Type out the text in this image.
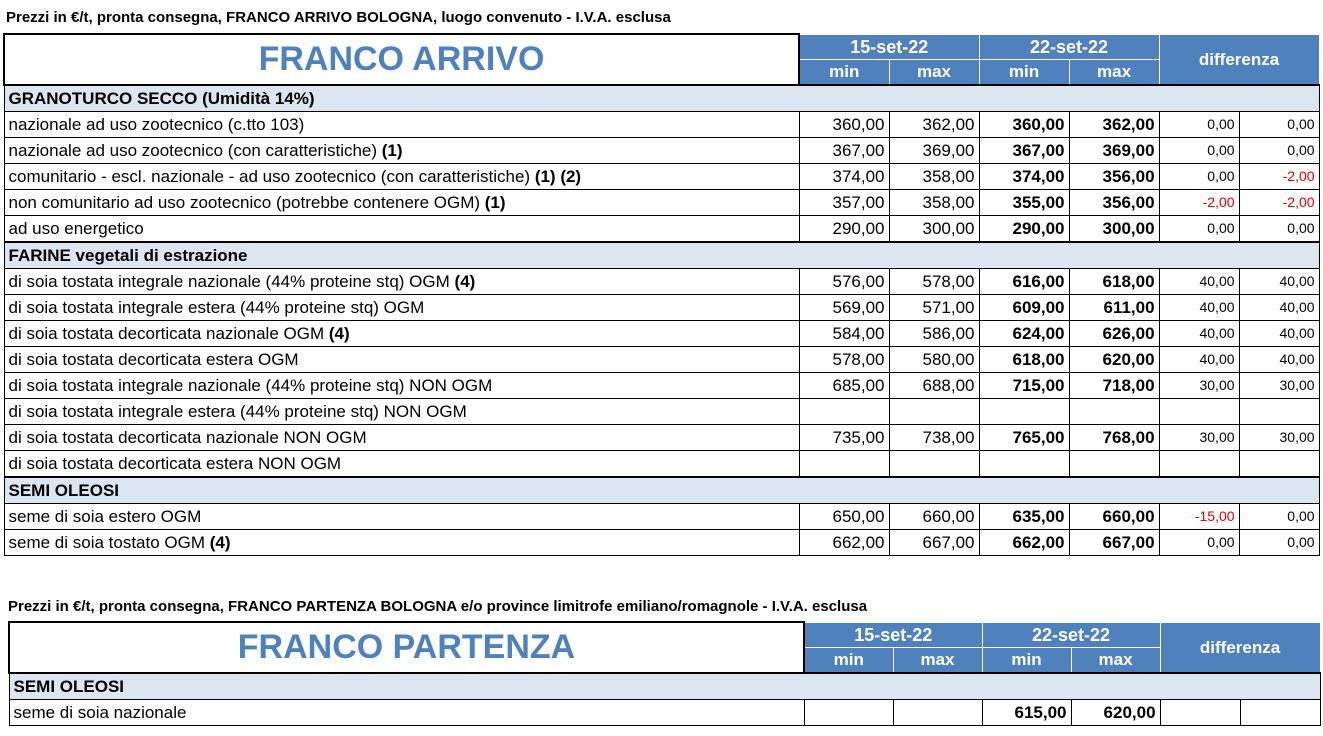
Prezzi in €/t, pronta consegna, FRANCO ARRIVO BOLOGNA, luogo convenuto - I.V.A. esclusa
FRANCO ARRIVO	15-set-22		22-set-22		differenza	
	min	max	min	max		
GRANOTURCO SECCO (Umidità 14%)						
nazionale ad uso zootecnico (c.tto 103)	360,00	362,00	360,00	362,00	0,00	0,00
nazionale ad uso zootecnico (con caratteristiche) (1)	367,00	369,00	367,00	369,00	0,00	0,00
comunitario - escl. nazionale - ad uso zootecnico (con caratteristiche) (1) (2)	374,00	358,00	374,00	356,00	0,00	-2,00
non comunitario ad uso zootecnico (potrebbe contenere OGM) (1)	357,00	358,00	355,00	356,00	-2,00	-2,00
ad uso energetico	290,00	300,00	290,00	300,00	0,00	0,00
FARINE vegetali di estrazione						
di soia tostata integrale nazionale (44% proteine stq) OGM (4)	576,00	578,00	616,00	618,00	40,00	40,00
di soia tostata integrale estera (44% proteine stq) OGM	569,00	571,00	609,00	611,00	40,00	40,00
di soia tostata decorticata nazionale OGM (4)	584,00	586,00	624,00	626,00	40,00	40,00
di soia tostata decorticata estera OGM	578,00	580,00	618,00	620,00	40,00	40,00
di soia tostata integrale nazionale (44% proteine stq) NON OGM	685,00	688,00	715,00	718,00	30,00	30,00
di soia tostata integrale estera (44% proteine stq) NON OGM						
di soia tostata decorticata nazionale NON OGM	735,00	738,00	765,00	768,00	30,00	30,00
di soia tostata decorticata estera NON OGM						
SEMI OLEOSI						
seme di soia estero OGM	650,00	660,00	635,00	660,00	-15,00	0,00
seme di soia tostato OGM (4)	662,00	667,00	662,00	667,00	0,00	0,00
Prezzi in €/t, pronta consegna, FRANCO PARTENZA BOLOGNA e/o province limitrofe emiliano/romagnole - I.V.A. esclusa
FRANCO PARTENZA	15-set-22		22-set-22		differenza	
	min	max	min	max		
SEMI OLEOSI						
seme di soia nazionale			615,00	620,00		
